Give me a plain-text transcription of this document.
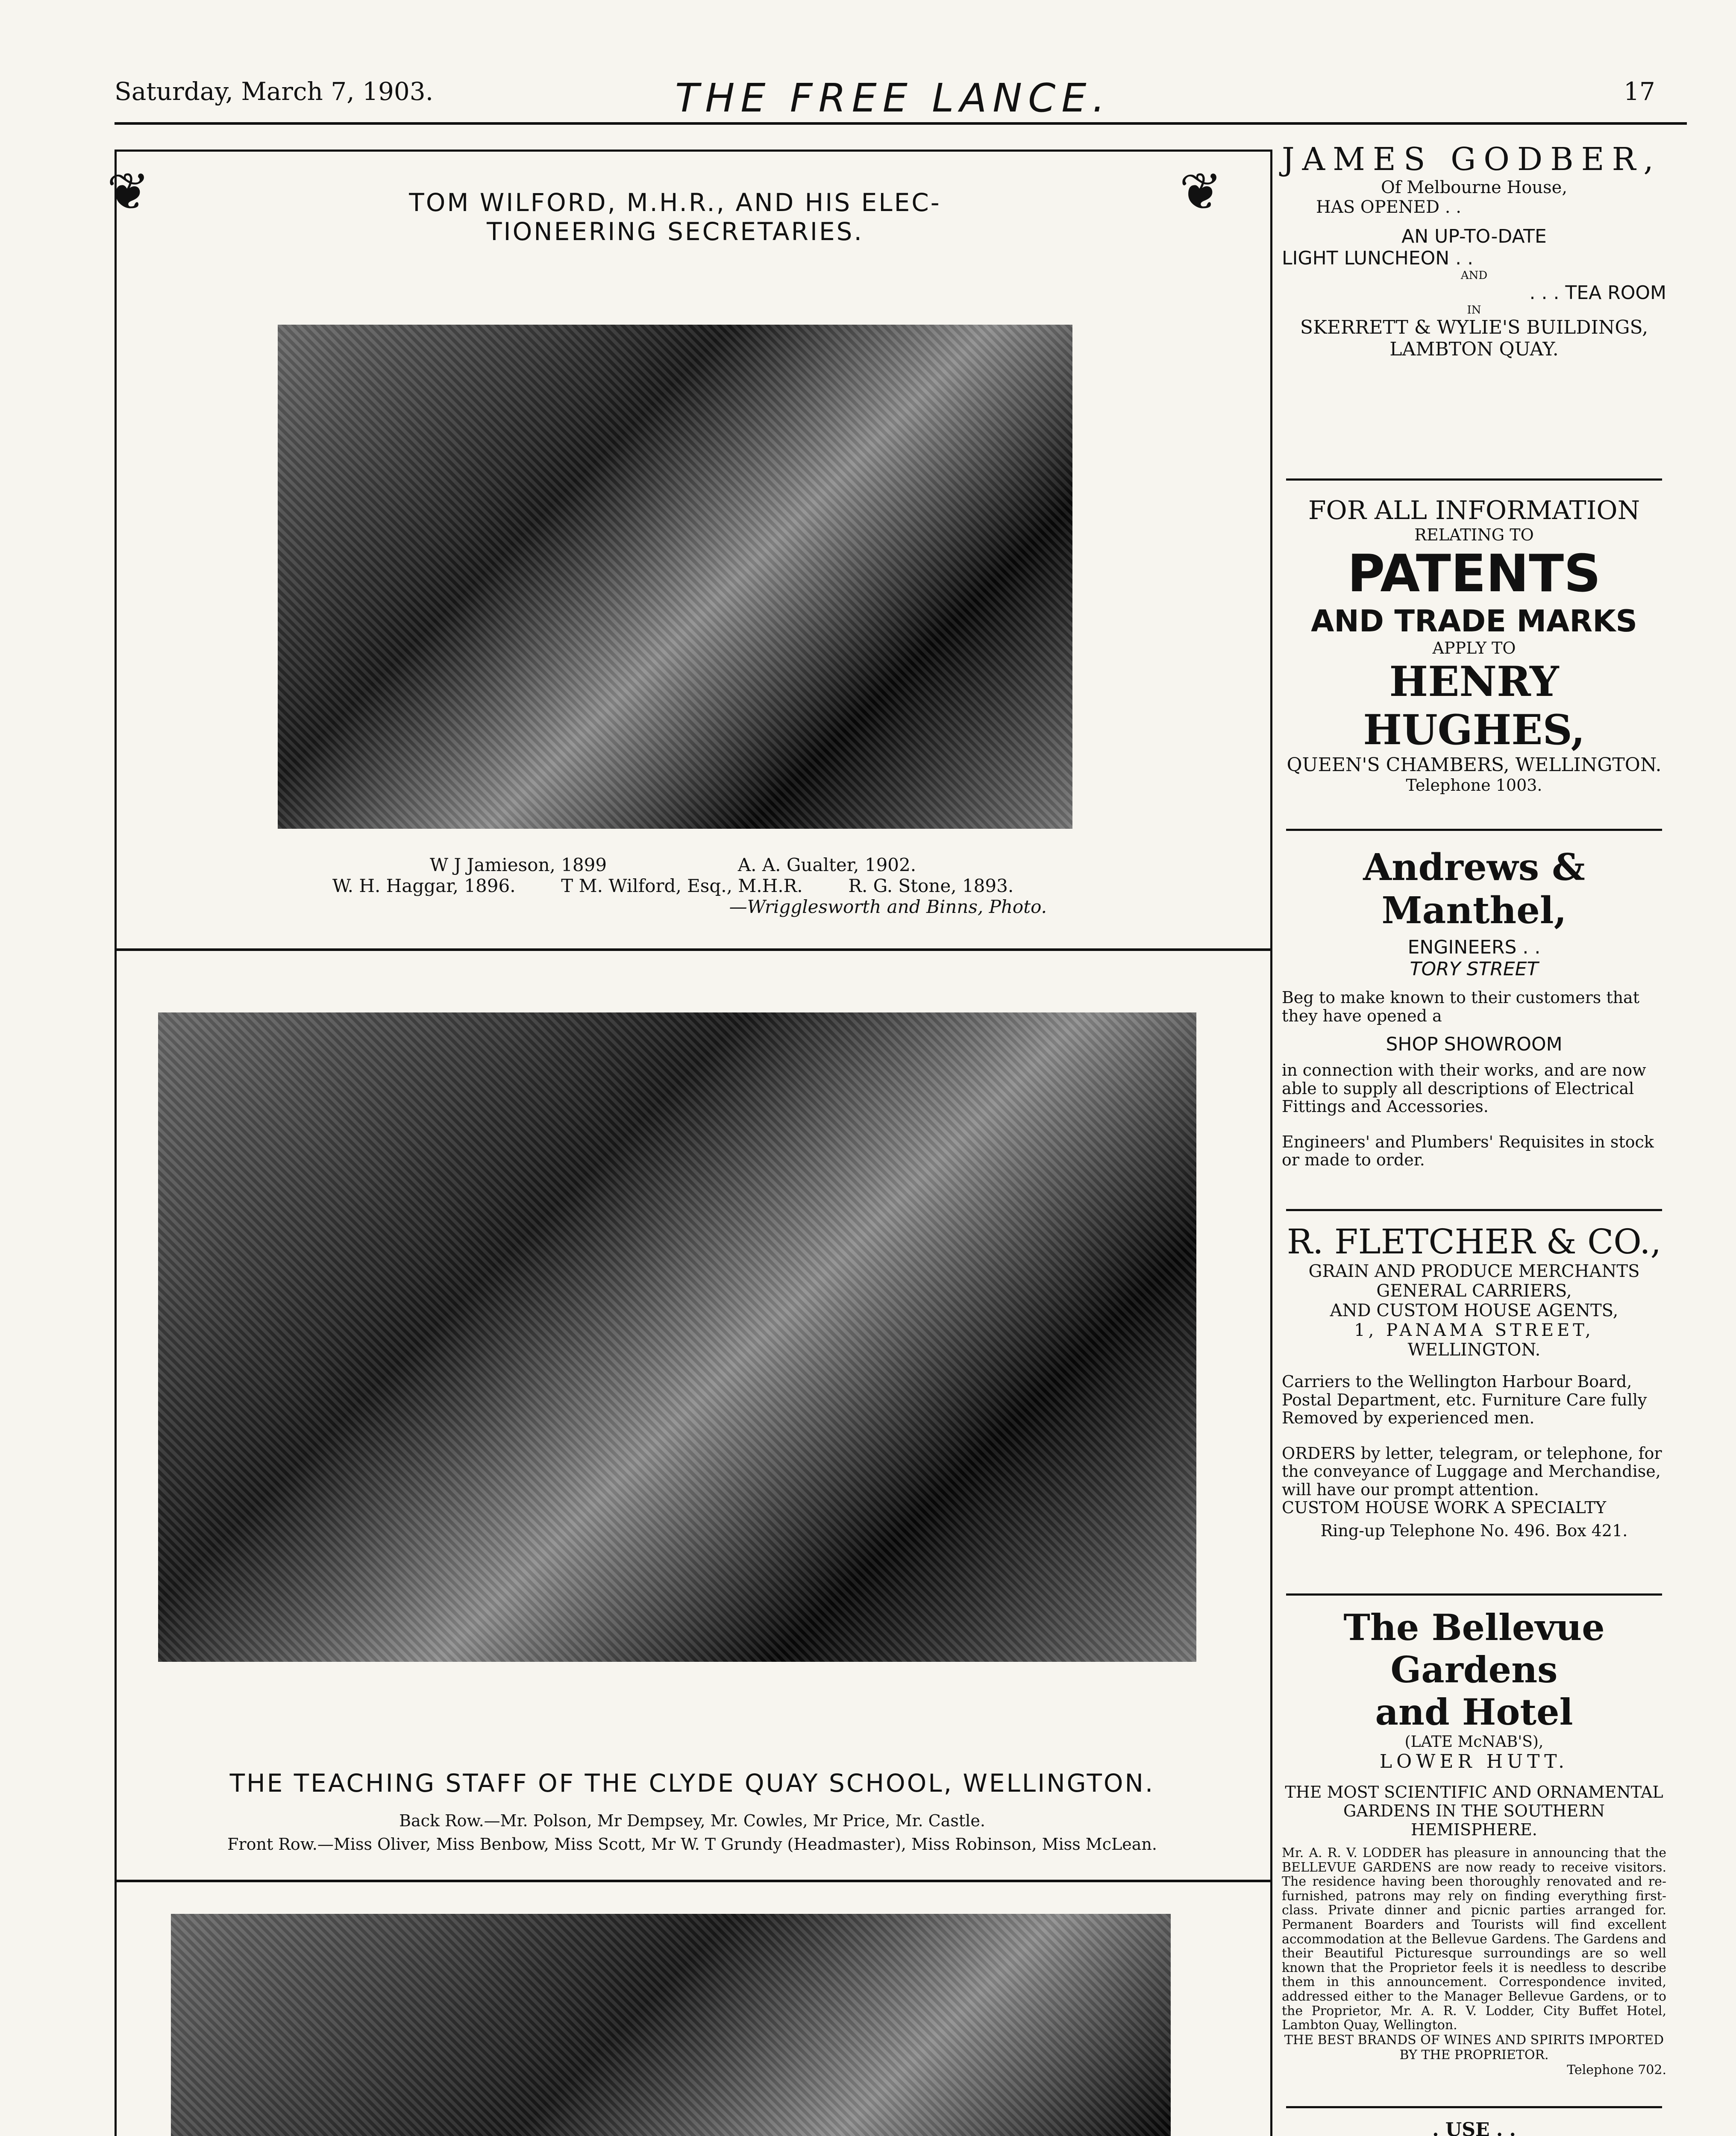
Saturday, March 7, 1903.	THE FREE LANCE.	17
❦	❦
TOM WILFORD, M.H.R., AND HIS ELEC-
TIONEERING SECRETARIES.
W J Jamieson, 1899	A. A. Gualter, 1902.
W. H. Haggar, 1896.	T M. Wilford, Esq., M.H.R.	R. G. Stone, 1893.
—Wrigglesworth and Binns, Photo.
THE TEACHING STAFF OF THE CLYDE QUAY SCHOOL, WELLINGTON.
Back Row.—Mr. Polson, Mr Dempsey, Mr. Cowles, Mr Price, Mr. Castle.
Front Row.—Miss Oliver, Miss Benbow, Miss Scott, Mr W. T Grundy (Headmaster), Miss Robinson, Miss McLean.
JAMES GODBER,
Of Melbourne House,
HAS OPENED . .
AN UP-TO-DATE
LIGHT LUNCHEON . .
AND
. . . TEA ROOM
IN
SKERRETT & WYLIE'S BUILDINGS,
LAMBTON QUAY.
FOR ALL INFORMATION
RELATING TO
PATENTS
AND TRADE MARKS
APPLY TO
HENRY HUGHES,
QUEEN'S CHAMBERS, WELLINGTON.
Telephone 1003.
Andrews & Manthel,
ENGINEERS . .
TORY STREET
Beg to make known to their customers that they have opened a
SHOP SHOWROOM
in connection with their works, and are now able to supply all descriptions of Electrical Fittings and Accessories.
Engineers' and Plumbers' Requisites in stock or made to order.
R. FLETCHER & CO.,
GRAIN AND PRODUCE MERCHANTS
GENERAL CARRIERS,
AND CUSTOM HOUSE AGENTS,
1, PANAMA STREET,
WELLINGTON.
Carriers to the Wellington Harbour Board, Postal Department, etc. Furniture Care fully Removed by experienced men.
ORDERS by letter, telegram, or telephone, for the conveyance of Luggage and Merchandise, will have our prompt attention.
CUSTOM HOUSE WORK A SPECIALTY
Ring-up Telephone No. 496. Box 421.
The Bellevue Gardens
and Hotel
(LATE McNAB'S),
LOWER HUTT.
THE MOST SCIENTIFIC AND ORNAMENTAL GARDENS IN THE SOUTHERN HEMISPHERE.
Mr. A. R. V. LODDER has pleasure in announcing that the BELLEVUE GARDENS are now ready to receive visitors. The residence having been thoroughly renovated and re-furnished, patrons may rely on finding everything first-class. Private dinner and picnic parties arranged for. Permanent Boarders and Tourists will find excellent accommodation at the Bellevue Gardens. The Gardens and their Beautiful Picturesque surroundings are so well known that the Proprietor feels it is needless to describe them in this announcement. Correspondence invited, addressed either to the Manager Bellevue Gardens, or to the Proprietor, Mr. A. R. V. Lodder, City Buffet Hotel, Lambton Quay, Wellington.
THE BEST BRANDS OF WINES AND SPIRITS IMPORTED BY THE PROPRIETOR.
Telephone 702.
. USE . .
